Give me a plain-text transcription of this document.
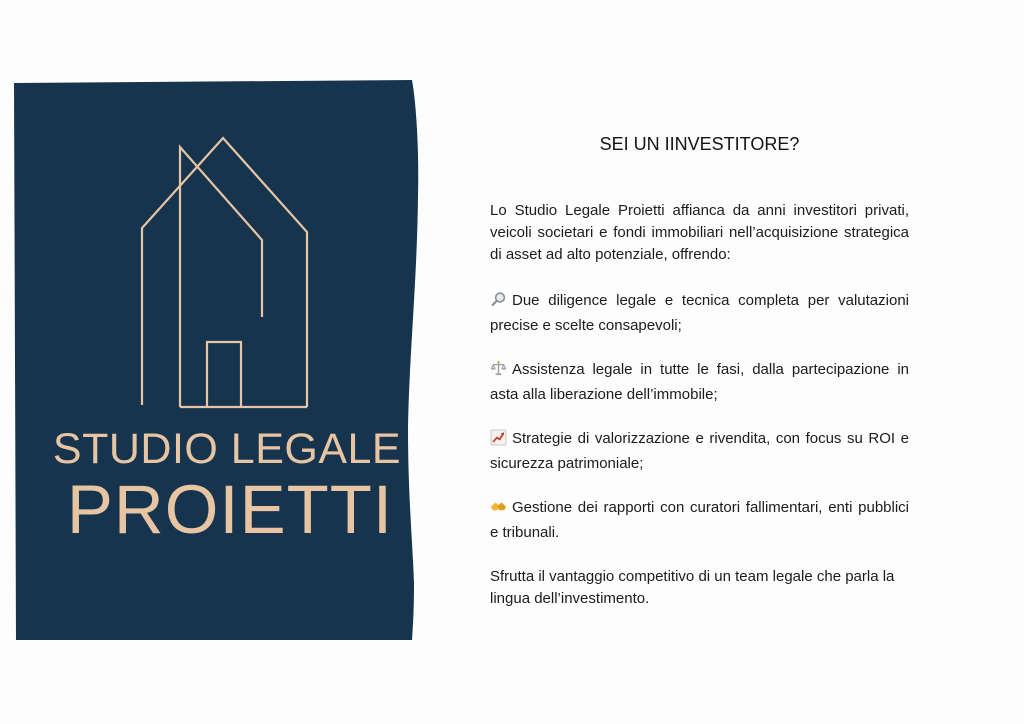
STUDIO LEGALE
PROIETTI

SEI UN IINVESTITORE?

Lo Studio Legale Proietti affianca da anni investitori privati, veicoli societari e fondi immobiliari nell’acquisizione strategica di asset ad alto potenziale, offrendo:

Due diligence legale e tecnica completa per valutazioni precise e scelte consapevoli;

Assistenza legale in tutte le fasi, dalla partecipazione in asta alla liberazione dell’immobile;

Strategie di valorizzazione e rivendita, con focus su ROI e sicurezza patrimoniale;

Gestione dei rapporti con curatori fallimentari, enti pubblici e tribunali.

Sfrutta il vantaggio competitivo di un team legale che parla la lingua dell’investimento.
